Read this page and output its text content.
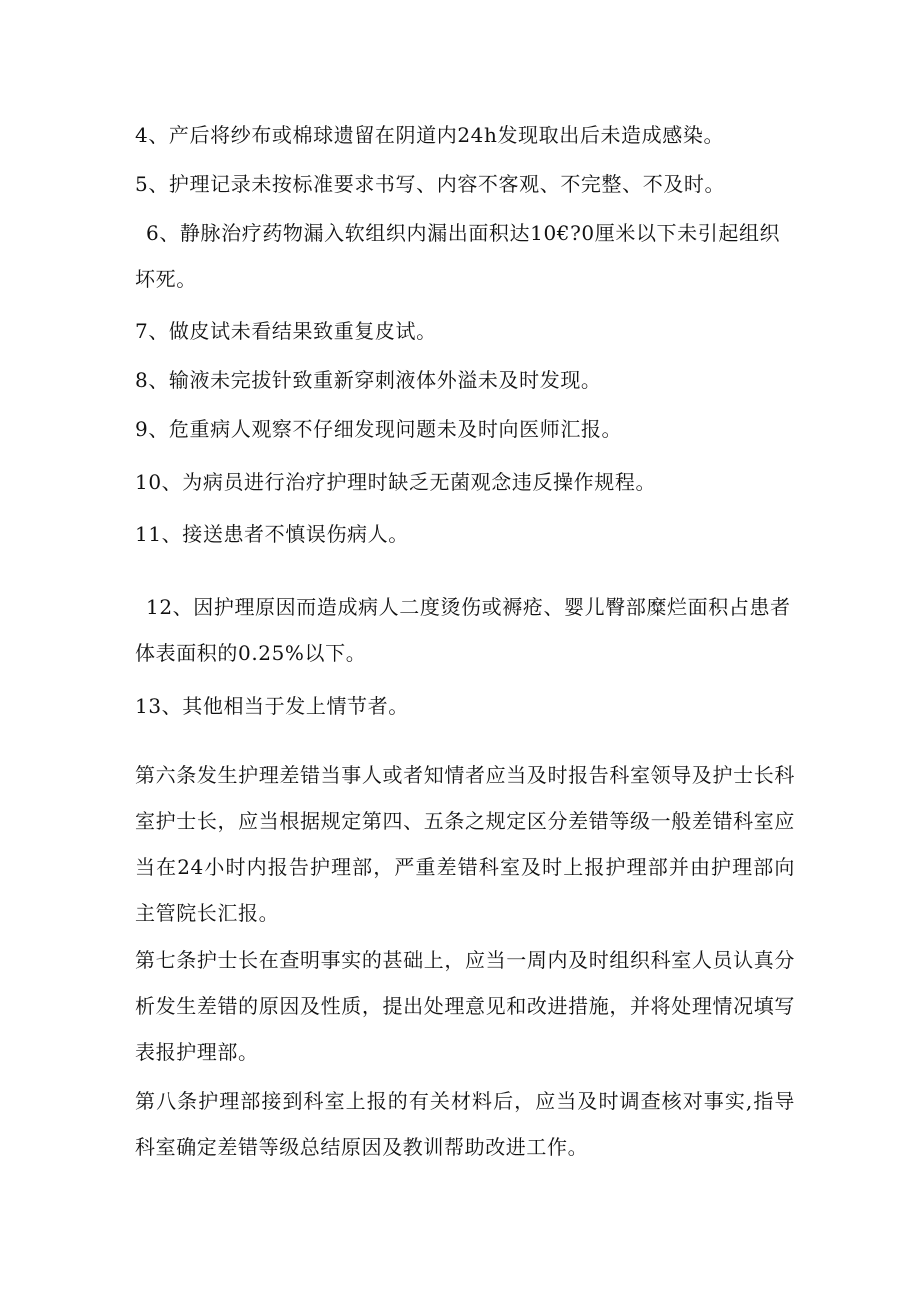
4、产后将纱布或棉球遗留在阴道内24h发现取出后未造成感染。

5、护理记录未按标准要求书写、内容不客观、不完整、不及时。

6、静脉治疗药物漏入软组织内漏出面积达10€?0厘米以下未引起组织坏死。

7、做皮试未看结果致重复皮试。

8、输液未完拔针致重新穿刺液体外溢未及时发现。

9、危重病人观察不仔细发现问题未及时向医师汇报。

10、为病员进行治疗护理时缺乏无菌观念违反操作规程。

11、接送患者不慎误伤病人。

12、因护理原因而造成病人二度烫伤或褥疮、婴儿臀部糜烂面积占患者体表面积的0.25%以下。

13、其他相当于发上情节者。

第六条发生护理差错当事人或者知情者应当及时报告科室领导及护士长科室护士长，应当根据规定第四、五条之规定区分差错等级一般差错科室应当在24小时内报告护理部，严重差错科室及时上报护理部并由护理部向主管院长汇报。

第七条护士长在查明事实的甚础上，应当一周内及时组织科室人员认真分析发生差错的原因及性质，提出处理意见和改进措施，并将处理情况填写表报护理部。

第八条护理部接到科室上报的有关材料后，应当及时调查核对事实,指导科室确定差错等级总结原因及教训帮助改进工作。
